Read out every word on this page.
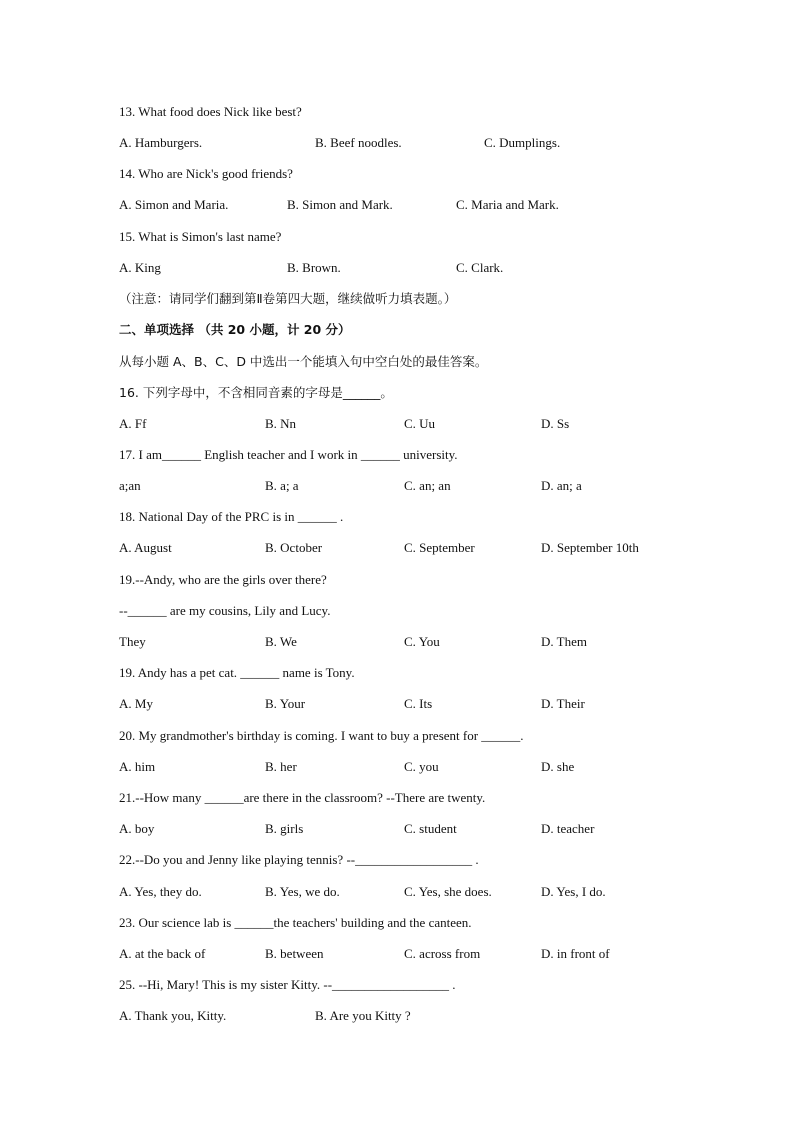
13. What food does Nick like best?
A. Hamburgers.	B. Beef noodles.	C. Dumplings.
14. Who are Nick's good friends?
A. Simon and Maria.	B. Simon and Mark.	C. Maria and Mark.
15. What is Simon's last name?
A. King	B. Brown.	C. Clark.
（注意：请同学们翻到第Ⅱ卷第四大题，继续做听力填表题。）
二、单项选择 （共 20 小题，计 20 分）
从每小题 A、B、C、D 中选出一个能填入句中空白处的最佳答案。
16. 下列字母中，不含相同音素的字母是______。
A. Ff	B. Nn	C. Uu	D. Ss
17. I am______ English teacher and I work in ______ university.
a;an	B. a; a	C. an; an	D. an; a
18. National Day of the PRC is in ______ .
A. August	B. October	C. September	D. September 10th
19.--Andy, who are the girls over there?
--______ are my cousins, Lily and Lucy.
They	B. We	C. You	D. Them
19. Andy has a pet cat. ______ name is Tony.
A. My	B. Your	C. Its	D. Their
20. My grandmother's birthday is coming. I want to buy a present for ______.
A. him	B. her	C. you	D. she
21.--How many ______are there in the classroom? --There are twenty.
A. boy	B. girls	C. student	D. teacher
22.--Do you and Jenny like playing tennis? --__________________ .
A. Yes, they do.	B. Yes, we do.	C. Yes, she does.	D. Yes, I do.
23. Our science lab is ______the teachers' building and the canteen.
A. at the back of	B. between	C. across from	D. in front of
25. --Hi, Mary! This is my sister Kitty. --__________________ .
A. Thank you, Kitty.	B. Are you Kitty ?
